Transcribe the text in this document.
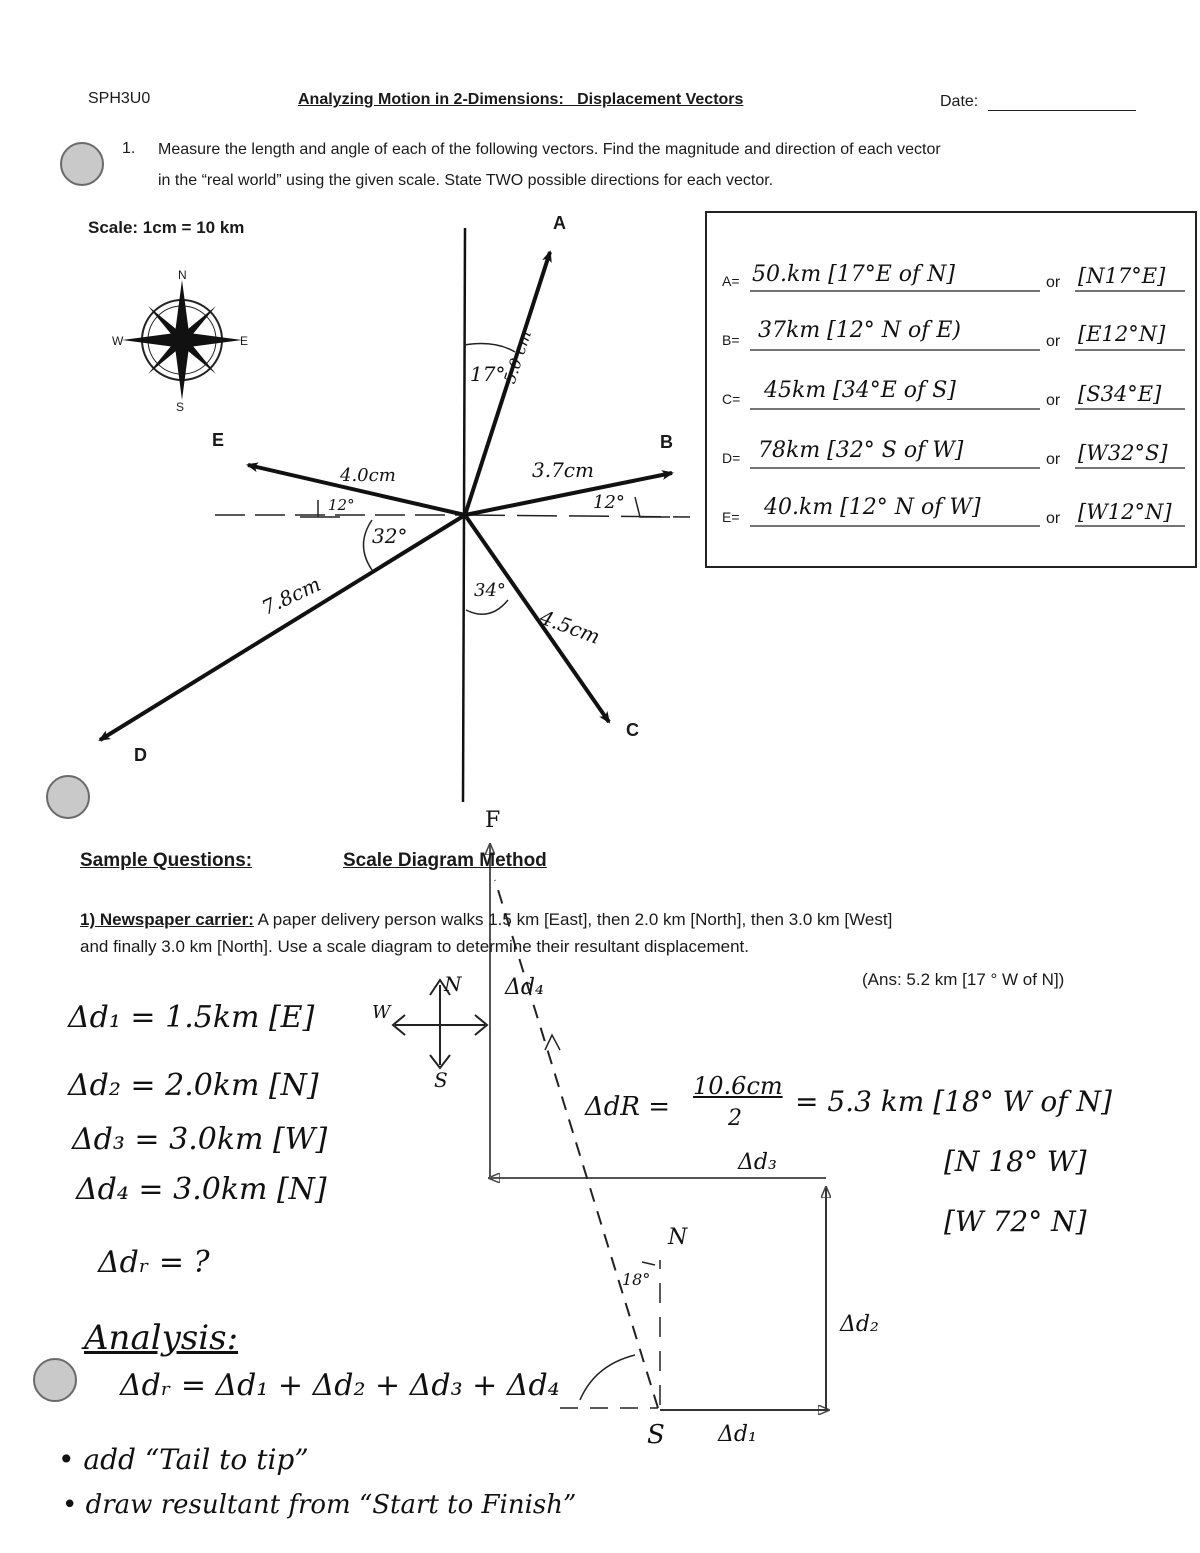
SPH3U0	Analyzing Motion in 2-Dimensions:   Displacement Vectors	Date:
1. Measure the length and angle of each of the following vectors. Find the magnitude and direction of each vector
in the “real world” using the given scale. State TWO possible directions for each vector.
Scale: 1cm = 10 km
N
E
S
W
A
B
C
D
E
F
17°
5.0 cm
3.7cm
12°
4.0cm
12°
32°
7.8cm	34°
4.5cm
A= 50.km [17°E of N]	or [N17°E]
B= 37km [12° N of E)	or [E12°N]
C= 45km [34°E of S]	or [S34°E]
D= 78km [32° S of W]	or [W32°S]
E= 40.km [12° N of W]	or [W12°N]
Sample Questions:	Scale Diagram Method
1) Newspaper carrier: A paper delivery person walks 1.5 km [East], then 2.0 km [North], then 3.0 km [West]
and finally 3.0 km [North]. Use a scale diagram to determine their resultant displacement.
(Ans: 5.2 km [17 ° W of N])
Δd₁ = 1.5km [E]
Δd₂ = 2.0km [N]
Δd₃ = 3.0km [W]
Δd₄ = 3.0km [N]
Δdᵣ = ?
Analysis:
Δdᵣ = Δd₁ + Δd₂ + Δd₃ + Δd₄
• add “Tail to tip”
• draw resultant from “Start to Finish”
ΔdR =
10.6cm
2
= 5.3 km [18° W of N]
[N 18° W]
[W 72° N]
Δd₃
Δd₂
Δd₁
Δd₄
18°
N
S
N
W
S
